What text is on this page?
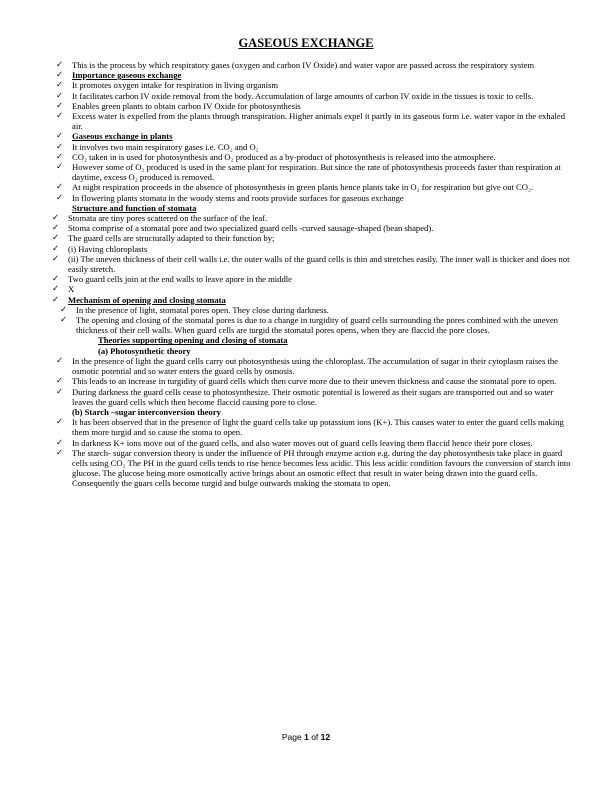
GASEOUS EXCHANGE
✓ This is the process by which respiratory gases (oxygen and carbon IV Oxide) and water vapor are passed across the respiratory system
✓ Importance gaseous exchange
✓ It promotes oxygen intake for respiration in living organism
✓ It facilitates carbon IV oxide removal from the body. Accumulation of large amounts of carbon IV oxide in the tissues is toxic to cells.
✓ Enables green plants to obtain carbon IV Oxide for photosynthesis
✓ Excess water is expelled from the plants through transpiration. Higher animals expel it partly in its gaseous form i.e. water vapor in the exhaled air.
✓ Gaseous exchange in plants
✓ It involves two main respiratory gases i.e. CO₂ and O₂
✓ CO₂ taken in is used for photosynthesis and O₂ produced as a by-product of photosynthesis is released into the atmosphere.
✓ However some of O₂ produced is used in the same plant for respiration. But since the rate of photosynthesis proceeds faster than respiration at daytime, excess O₂ produced is removed.
✓ At night respiration proceeds in the absence of photosynthesis in green plants hence plants take in O₂ for respiration but give out CO₂.
✓ In flowering plants stomata in the woody stems and roots provide surfaces for gaseous exchange
Structure and function of stomata
✓ Stomata are tiny pores scattered on the surface of the leaf.
✓ Stoma comprise of a stomatal pore and two specialized guard cells -curved sausage-shaped (bean shaped).
✓ The guard cells are structurally adapted to their function by;
✓ (i) Having chloroplasts
✓ (ii) The uneven thickness of their cell walls i.e. the outer walls of the guard cells is thin and stretches easily. The inner wall is thicker and does not easily stretch.
✓ Two guard cells join at the end walls to leave apore in the middle
✓ X
✓ Mechanism of opening and closing stomata
✓ In the presence of light, stomatal pores open. They close during darkness.
✓ The opening and closing of the stomatal pores is due to a change in turgidity of guard cells surrounding the pores combined with the uneven thickness of their cell walls. When guard cells are turgid the stomatal pores opens, when they are flaccid the pore closes.
Theories supporting opening and closing of stomata
(a) Photosynthetic theory
✓ In the presence of light the guard cells carry out photosynthesis using the chloroplast. The accumulation of sugar in their cytoplasm raises the osmotic potential and so water enters the guard cells by osmosis.
✓ This leads to an increase in turgidity of guard cells which then curve more due to their uneven thickness and cause the stomatal pore to open.
✓ During darkness the guard cells cease to photosynthesize. Their osmotic potential is lowered as their sugars are transported out and so water leaves the guard cells which then become flaccid causing pore to close.
(b) Starch –sugar interconversion theory
✓ It has been observed that in the presence of light the guard cells take up potassium ions (K+). This causes water to enter the guard cells making them more turgid and so cause the stoma to open.
✓ In darkness K+ ions move out of the guard cells, and also water moves out of guard cells leaving them flaccid hence their pore closes.
✓ The starch- sugar conversion theory is under the influence of PH through enzyme action e.g. during the day photosynthesis take place in guard cells using CO₂ The PH in the guard cells tends to rise hence becomes less acidic. This less acidic condition favours the conversion of starch into glucose. The glucose being more osmotically active brings about an osmotic effect that result in water being drawn into the guard cells. Consequently the guars cells become turgid and bulge outwards making the stomata to open.
Page 1 of 12
